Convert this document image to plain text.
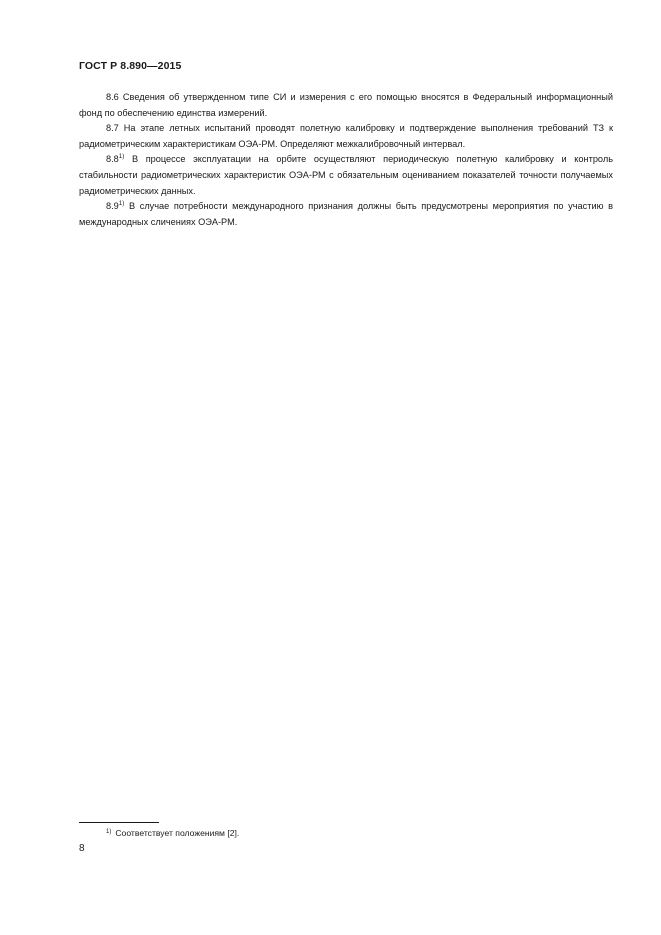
ГОСТ Р 8.890—2015

8.6 Сведения об утвержденном типе СИ и измерения с его помощью вносятся в Федеральный информационный фонд по обеспечению единства измерений.

8.7 На этапе летных испытаний проводят полетную калибровку и подтверждение выполнения требований ТЗ к радиометрическим характеристикам ОЭА-РМ. Определяют межкалибровочный интервал.

8.8$^{1)}$ В процессе эксплуатации на орбите осуществляют периодическую полетную калибровку и контроль стабильности радиометрических характеристик ОЭА-РМ с обязательным оцениванием показателей точности получаемых радиометрических данных.

8.9$^{1)}$ В случае потребности международного признания должны быть предусмотрены мероприятия по участию в международных сличениях ОЭА-РМ.

$^{1)}$ Соответствует положениям [2].
8
